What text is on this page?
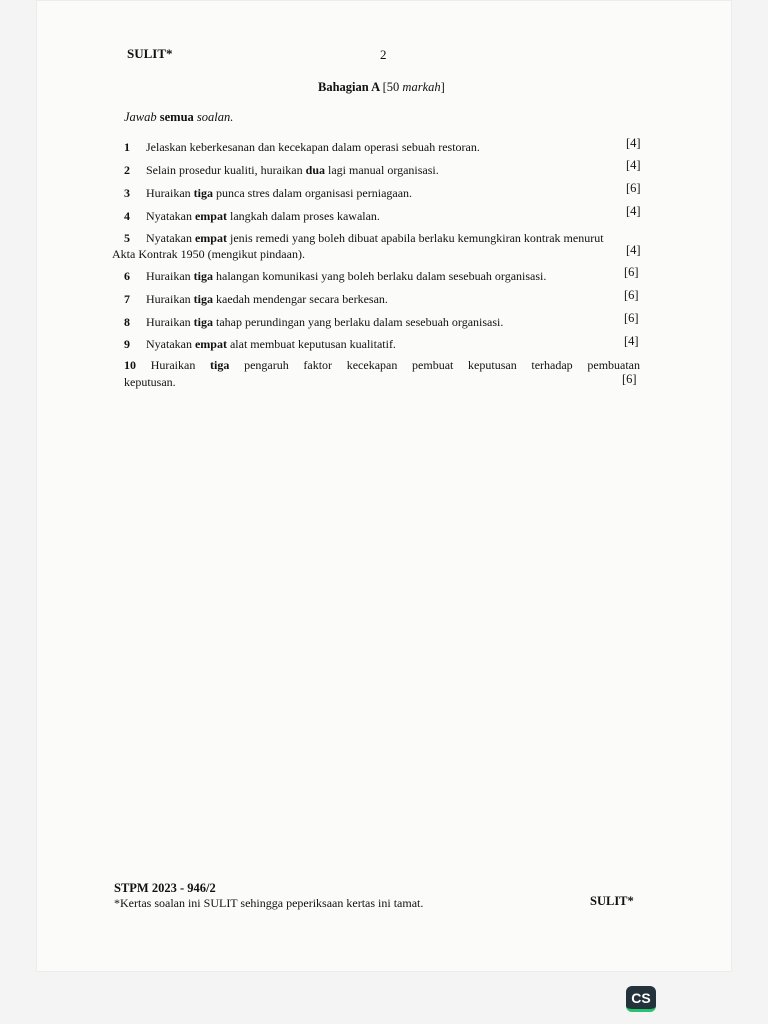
SULIT*	2
Bahagian A [50 markah]
Jawab semua soalan.
1 Jelaskan keberkesanan dan kecekapan dalam operasi sebuah restoran.	[4]
2 Selain prosedur kualiti, huraikan dua lagi manual organisasi.	[4]
3 Huraikan tiga punca stres dalam organisasi perniagaan.	[6]
4 Nyatakan empat langkah dalam proses kawalan.	[4]
5 Nyatakan empat jenis remedi yang boleh dibuat apabila berlaku kemungkiran kontrak menurut
Akta Kontrak 1950 (mengikut pindaan).	[4]
6 Huraikan tiga halangan komunikasi yang boleh berlaku dalam sesebuah organisasi.	[6]
7 Huraikan tiga kaedah mendengar secara berkesan.	[6]
8 Huraikan tiga tahap perundingan yang berlaku dalam sesebuah organisasi.	[6]
9 Nyatakan empat alat membuat keputusan kualitatif.	[4]
10 Huraikan tiga pengaruh faktor kecekapan pembuat keputusan terhadap pembuatan
keputusan.	[6]
STPM 2023 - 946/2
*Kertas soalan ini SULIT sehingga peperiksaan kertas ini tamat.	SULIT*
CS
